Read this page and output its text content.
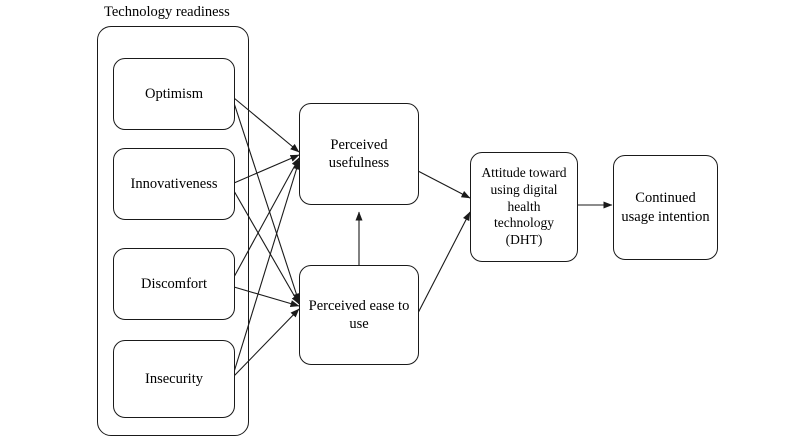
Technology readiness
Optimism
Innovativeness
Discomfort
Insecurity
Perceived usefulness
Perceived ease to use
Attitude toward using digital health technology (DHT)
Continued usage intention
